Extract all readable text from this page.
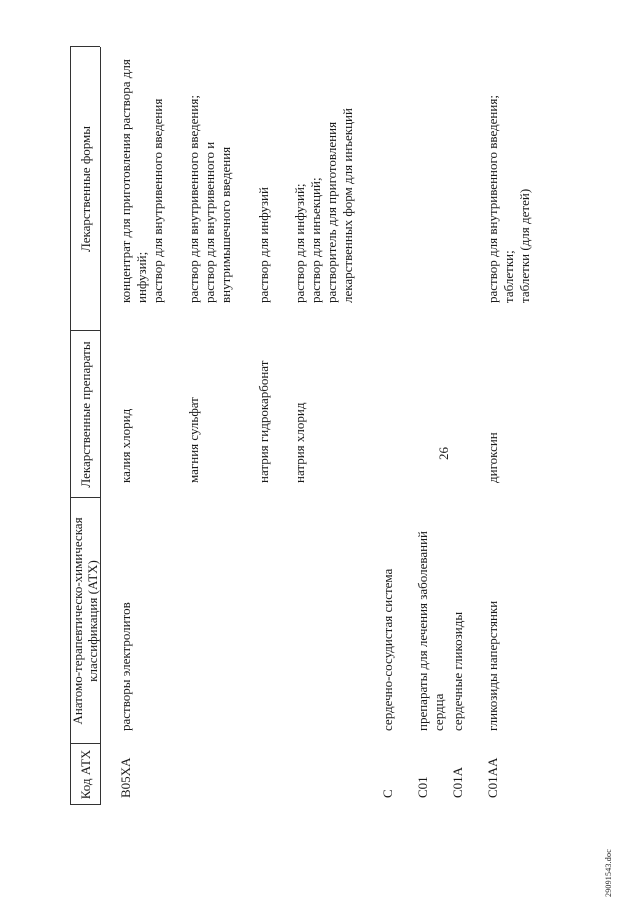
26
Код АТХ
Анатомо-терапевтическо-химическая классификация (АТХ)
Лекарственные препараты
Лекарственные формы
B05XA
растворы электролитов
калия хлорид
концентрат для приготовления раствора для инфузий; раствор для внутривенного введения
магния сульфат
раствор для внутривенного введения; раствор для внутривенного и внутримышечного введения
натрия гидрокарбонат
раствор для инфузий
натрия хлорид
раствор для инфузий; раствор для инъекций; растворитель для приготовления лекарственных форм для инъекций
C
сердечно-сосудистая система
C01
препараты для лечения заболеваний сердца
C01A
сердечные гликозиды
C01AA
гликозиды наперстянки
дигоксин
раствор для внутривенного введения; таблетки; таблетки (для детей)
29091543.doc
